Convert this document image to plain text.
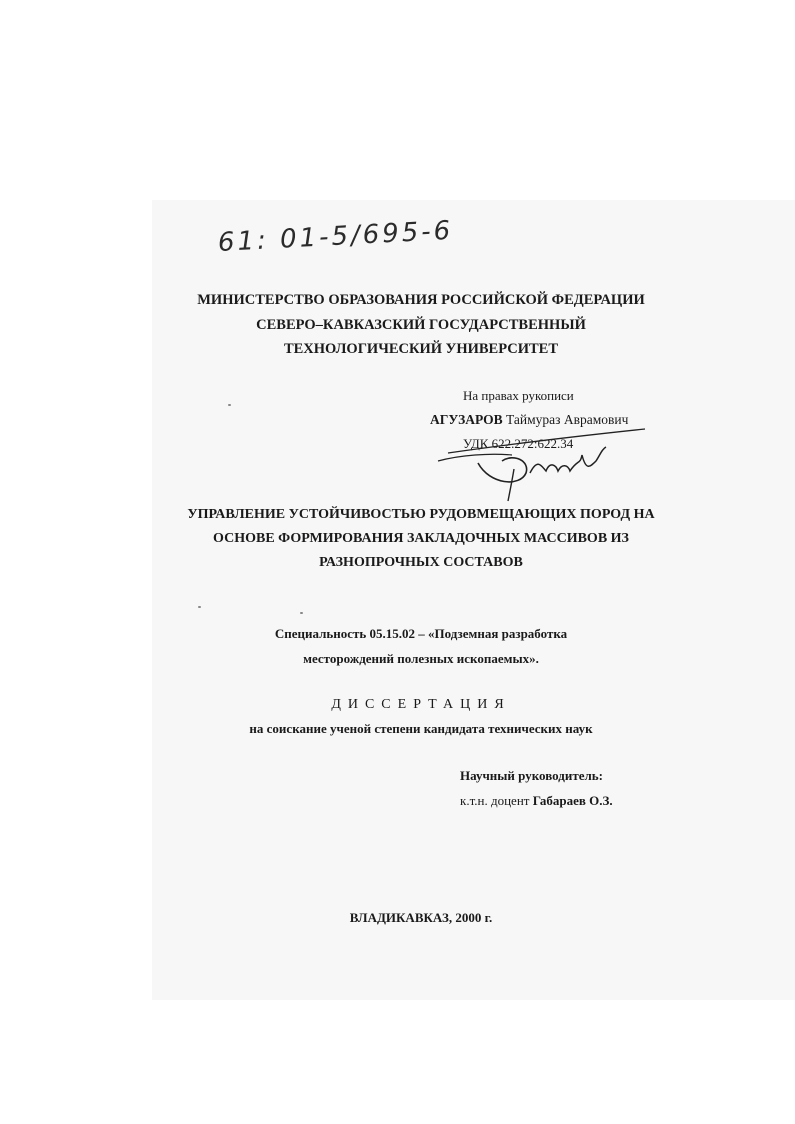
61: 01-5/695-6
МИНИСТЕРСТВО ОБРАЗОВАНИЯ РОССИЙСКОЙ ФЕДЕРАЦИИ
СЕВЕРО–КАВКАЗСКИЙ ГОСУДАРСТВЕННЫЙ
ТЕХНОЛОГИЧЕСКИЙ УНИВЕРСИТЕТ
На правах рукописи
АГУЗАРОВ Таймураз Аврамович
УДК 622.272:622.34
УПРАВЛЕНИЕ УСТОЙЧИВОСТЬЮ РУДОВМЕЩАЮЩИХ ПОРОД НА
ОСНОВЕ ФОРМИРОВАНИЯ ЗАКЛАДОЧНЫХ МАССИВОВ ИЗ
РАЗНОПРОЧНЫХ СОСТАВОВ
Специальность 05.15.02 – «Подземная разработка
месторождений полезных ископаемых».
ДИССЕРТАЦИЯ
на соискание ученой степени кандидата технических наук
Научный руководитель:
к.т.н. доцент Габараев О.З.
ВЛАДИКАВКАЗ, 2000 г.
